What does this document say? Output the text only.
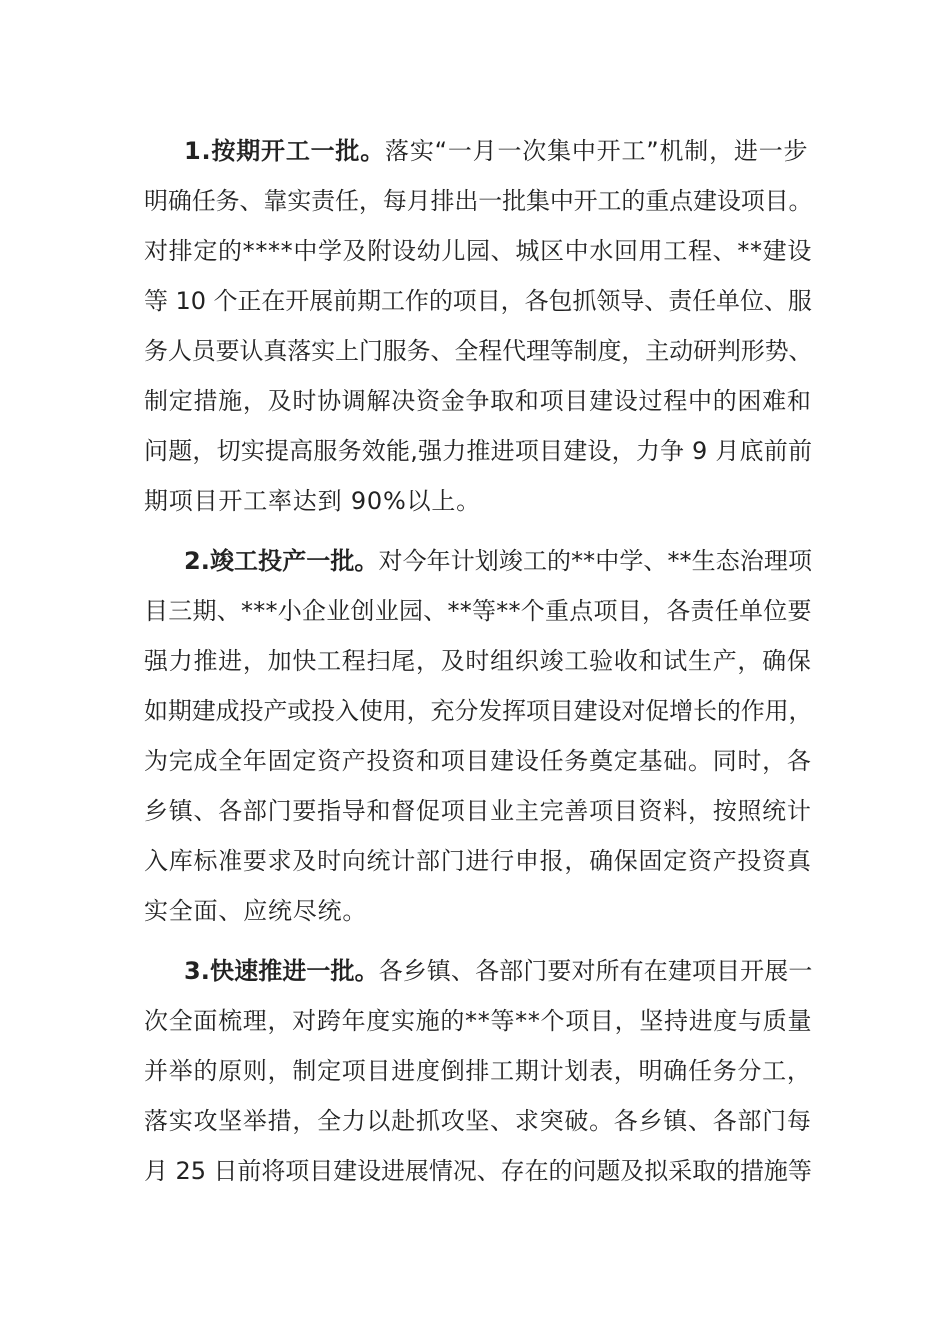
1.按期开工一批。落实“一月一次集中开工”机制，进一步
明确任务、靠实责任，每月排出一批集中开工的重点建设项目。
对排定的****中学及附设幼儿园、城区中水回用工程、**建设
等 10 个正在开展前期工作的项目，各包抓领导、责任单位、服
务人员要认真落实上门服务、全程代理等制度，主动研判形势、
制定措施，及时协调解决资金争取和项目建设过程中的困难和
问题，切实提高服务效能,强力推进项目建设，力争 9 月底前前
期项目开工率达到 90%以上。
2.竣工投产一批。对今年计划竣工的**中学、**生态治理项
目三期、***小企业创业园、**等**个重点项目，各责任单位要
强力推进，加快工程扫尾，及时组织竣工验收和试生产，确保
如期建成投产或投入使用，充分发挥项目建设对促增长的作用，
为完成全年固定资产投资和项目建设任务奠定基础。同时，各
乡镇、各部门要指导和督促项目业主完善项目资料，按照统计
入库标准要求及时向统计部门进行申报，确保固定资产投资真
实全面、应统尽统。
3.快速推进一批。各乡镇、各部门要对所有在建项目开展一
次全面梳理，对跨年度实施的**等**个项目，坚持进度与质量
并举的原则，制定项目进度倒排工期计划表，明确任务分工，
落实攻坚举措，全力以赴抓攻坚、求突破。各乡镇、各部门每
月 25 日前将项目建设进展情况、存在的问题及拟采取的措施等
